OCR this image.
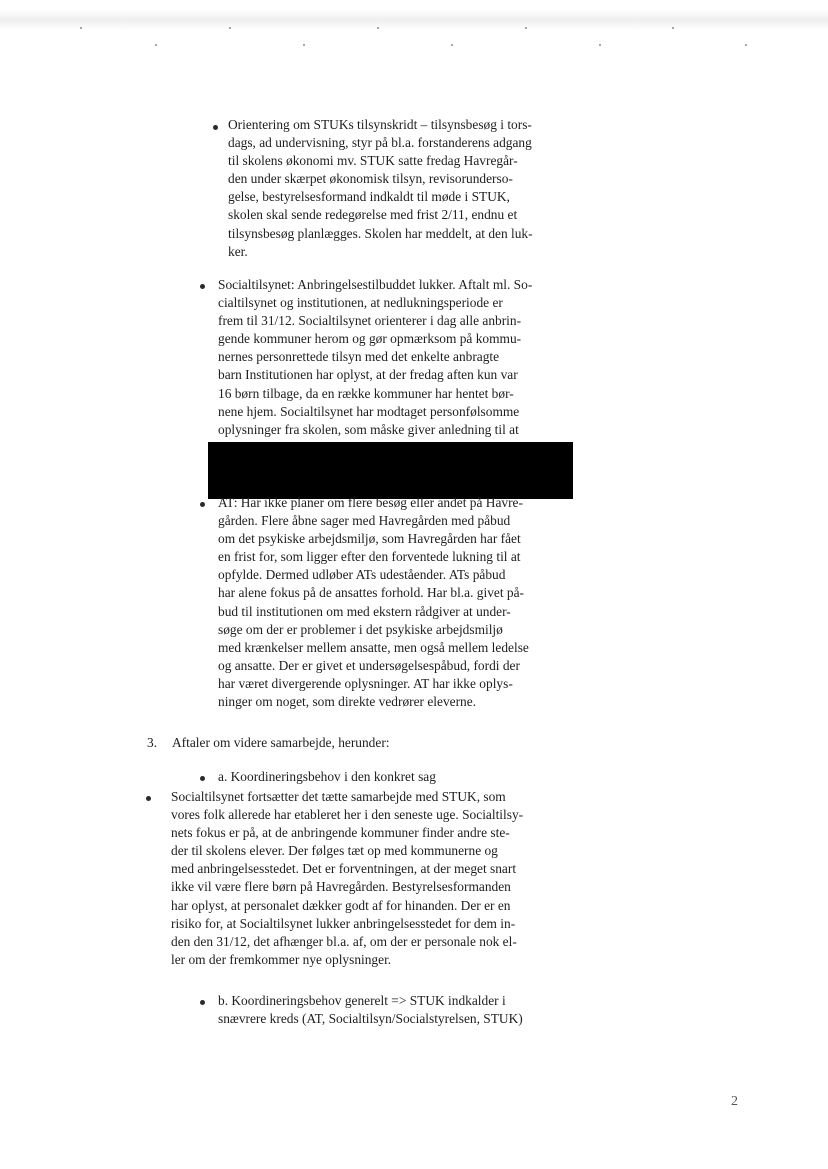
Orientering om STUKs tilsynskridt – tilsynsbesøg i tors-
dags, ad undervisning, styr på bl.a. forstanderens adgang
til skolens økonomi mv. STUK satte fredag Havregår-
den under skærpet økonomisk tilsyn, revisorunderso-
gelse, bestyrelsesformand indkaldt til møde i STUK,
skolen skal sende redegørelse med frist 2/11, endnu et
tilsynsbesøg planlægges. Skolen har meddelt, at den luk-
ker.
Socialtilsynet: Anbringelsestilbuddet lukker. Aftalt ml. So-
cialtilsynet og institutionen, at nedlukningsperiode er
frem til 31/12. Socialtilsynet orienterer i dag alle anbrin-
gende kommuner herom og gør opmærksom på kommu-
nernes personrettede tilsyn med det enkelte anbragte
barn Institutionen har oplyst, at der fredag aften kun var
16 børn tilbage, da en række kommuner har hentet bør-
nene hjem. Socialtilsynet har modtaget personfølsomme
oplysninger fra skolen, som måske giver anledning til at
AT: Har ikke planer om flere besøg eller andet på Havre-
gården. Flere åbne sager med Havregården med påbud
om det psykiske arbejdsmiljø, som Havregården har fået
en frist for, som ligger efter den forventede lukning til at
opfylde. Dermed udløber ATs udeståender. ATs påbud
har alene fokus på de ansattes forhold. Har bl.a. givet på-
bud til institutionen om med ekstern rådgiver at under-
søge om der er problemer i det psykiske arbejdsmiljø
med krænkelser mellem ansatte, men også mellem ledelse
og ansatte. Der er givet et undersøgelsespåbud, fordi der
har været divergerende oplysninger. AT har ikke oplys-
ninger om noget, som direkte vedrører eleverne.
3. Aftaler om videre samarbejde, herunder:
a. Koordineringsbehov i den konkret sag
Socialtilsynet fortsætter det tætte samarbejde med STUK, som
vores folk allerede har etableret her i den seneste uge. Socialtilsy-
nets fokus er på, at de anbringende kommuner finder andre ste-
der til skolens elever. Der følges tæt op med kommunerne og
med anbringelsesstedet. Det er forventningen, at der meget snart
ikke vil være flere børn på Havregården. Bestyrelsesformanden
har oplyst, at personalet dækker godt af for hinanden. Der er en
risiko for, at Socialtilsynet lukker anbringelsesstedet for dem in-
den den 31/12, det afhænger bl.a. af, om der er personale nok el-
ler om der fremkommer nye oplysninger.
b. Koordineringsbehov generelt => STUK indkalder i
snævrere kreds (AT, Socialtilsyn/Socialstyrelsen, STUK)
2
